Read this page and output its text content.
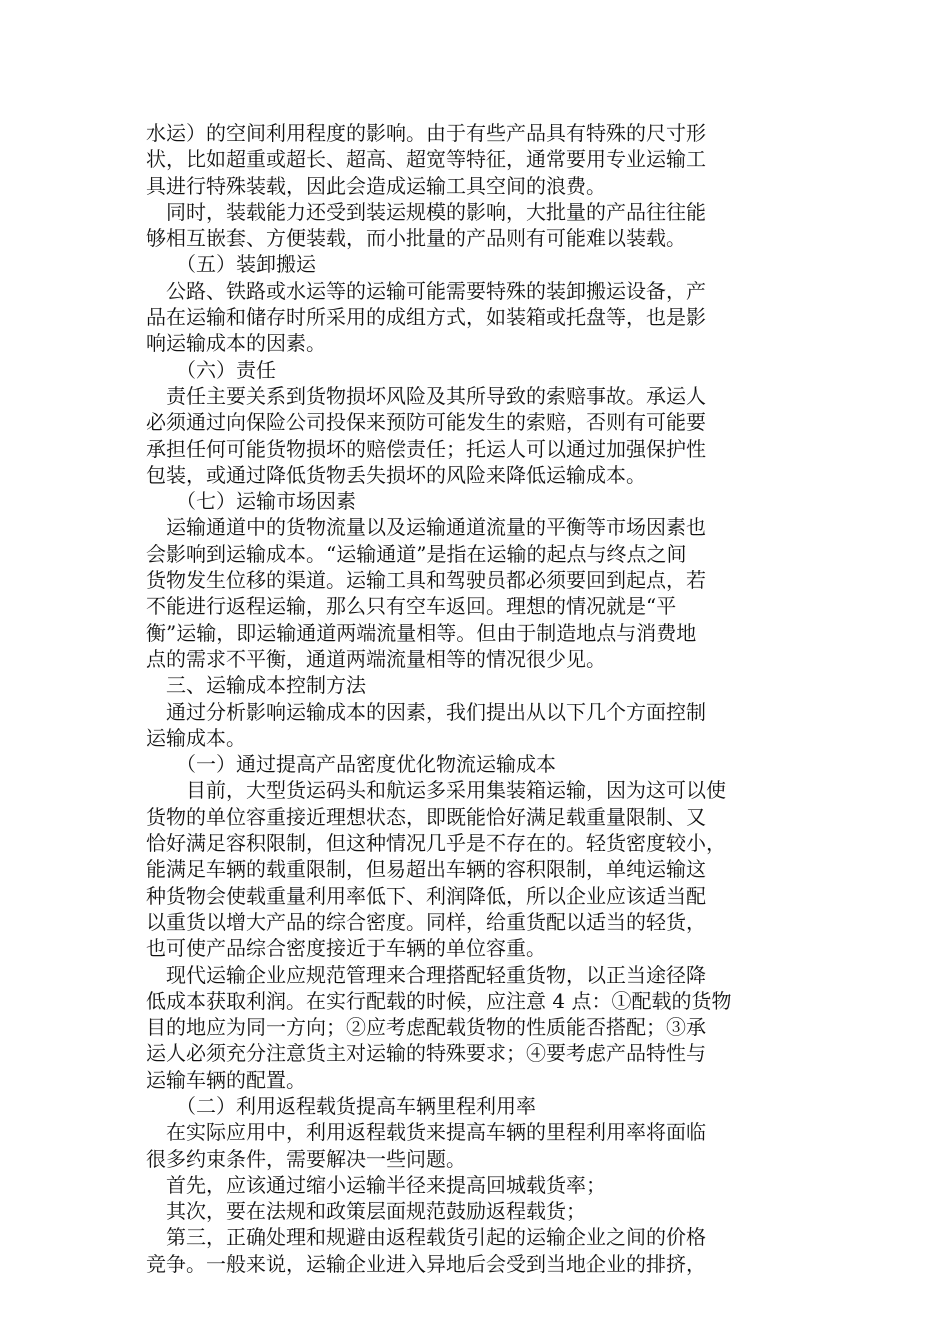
水运）的空间利用程度的影响。由于有些产品具有特殊的尺寸形
状，比如超重或超长、超高、超宽等特征，通常要用专业运输工
具进行特殊装载，因此会造成运输工具空间的浪费。
　同时，装载能力还受到装运规模的影响，大批量的产品往往能
够相互嵌套、方便装载，而小批量的产品则有可能难以装载。
　　（五）装卸搬运
　公路、铁路或水运等的运输可能需要特殊的装卸搬运设备，产
品在运输和储存时所采用的成组方式，如装箱或托盘等，也是影
响运输成本的因素。
　　（六）责任
　责任主要关系到货物损坏风险及其所导致的索赔事故。承运人
必须通过向保险公司投保来预防可能发生的索赔，否则有可能要
承担任何可能货物损坏的赔偿责任；托运人可以通过加强保护性
包装，或通过降低货物丢失损坏的风险来降低运输成本。
　　（七）运输市场因素
　运输通道中的货物流量以及运输通道流量的平衡等市场因素也
会影响到运输成本。“运输通道”是指在运输的起点与终点之间
货物发生位移的渠道。运输工具和驾驶员都必须要回到起点，若
不能进行返程运输，那么只有空车返回。理想的情况就是“平
衡”运输，即运输通道两端流量相等。但由于制造地点与消费地
点的需求不平衡，通道两端流量相等的情况很少见。
　三、运输成本控制方法
　通过分析影响运输成本的因素，我们提出从以下几个方面控制
运输成本。
　　（一）通过提高产品密度优化物流运输成本
　　目前，大型货运码头和航运多采用集装箱运输，因为这可以使
货物的单位容重接近理想状态，即既能恰好满足载重量限制、又
恰好满足容积限制，但这种情况几乎是不存在的。轻货密度较小，
能满足车辆的载重限制，但易超出车辆的容积限制，单纯运输这
种货物会使载重量利用率低下、利润降低，所以企业应该适当配
以重货以增大产品的综合密度。同样，给重货配以适当的轻货，
也可使产品综合密度接近于车辆的单位容重。
　现代运输企业应规范管理来合理搭配轻重货物，以正当途径降
低成本获取利润。在实行配载的时候，应注意 4 点：①配载的货物
目的地应为同一方向；②应考虑配载货物的性质能否搭配；③承
运人必须充分注意货主对运输的特殊要求；④要考虑产品特性与
运输车辆的配置。
　　（二）利用返程载货提高车辆里程利用率
　在实际应用中，利用返程载货来提高车辆的里程利用率将面临
很多约束条件，需要解决一些问题。
　首先，应该通过缩小运输半径来提高回城载货率；
　其次，要在法规和政策层面规范鼓励返程载货；
　第三，正确处理和规避由返程载货引起的运输企业之间的价格
竞争。一般来说，运输企业进入异地后会受到当地企业的排挤，
